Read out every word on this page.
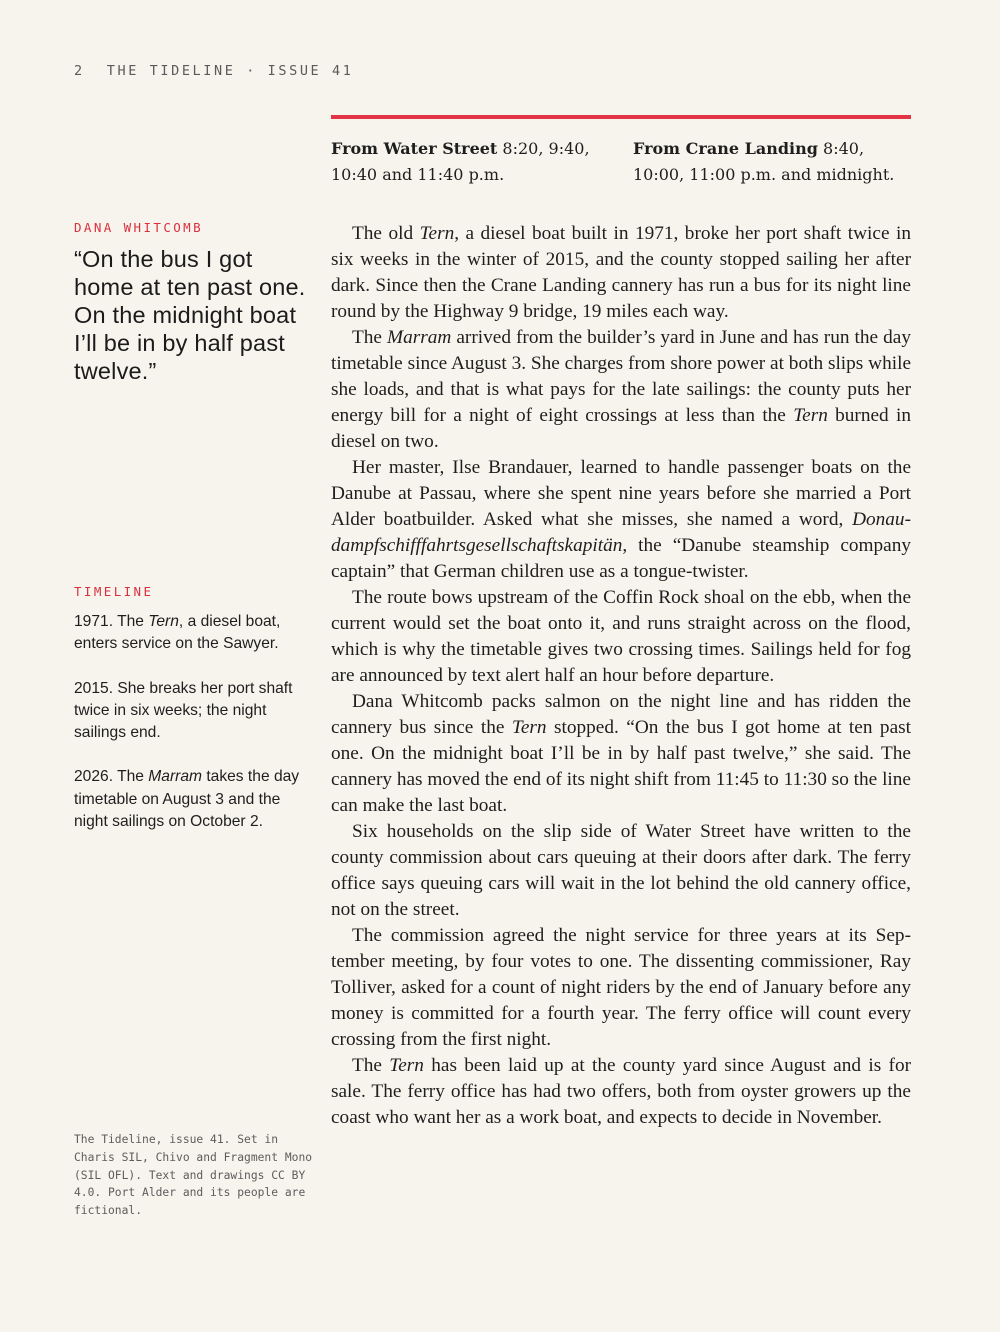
2 THE TIDELINE · ISSUE 41
From Water Street 8:20, 9:40, 10:40 and 11:40 p.m.
From Crane Landing 8:40, 10:00, 11:00 p.m. and midnight.
DANA WHITCOMB
“On the bus I got home at ten past one. On the midnight boat I’ll be in by half past twelve.”
TIMELINE
1971. The Tern, a diesel boat, enters service on the Sawyer.
2015. She breaks her port shaft twice in six weeks; the night sailings end.
2026. The Marram takes the day timetable on August 3 and the night sailings on October 2.
The Tideline, issue 41. Set in Charis SIL, Chivo and Fragment Mono (SIL OFL). Text and drawings CC BY 4.0. Port Alder and its people are fictional.

The old Tern, a diesel boat built in 1971, broke her port shaft twice in six weeks in the winter of 2015, and the county stopped sailing her after dark. Since then the Crane Landing cannery has run a bus for its night line round by the Highway 9 bridge, 19 miles each way.

The Marram arrived from the builder’s yard in June and has run the day timetable since August 3. She charges from shore power at both slips while she loads, and that is what pays for the late sailings: the county puts her energy bill for a night of eight crossings at less than the Tern burned in diesel on two.

Her master, Ilse Brandauer, learned to handle passenger boats on the Danube at Passau, where she spent nine years before she married a Port Alder boatbuilder. Asked what she misses, she named a word, Donaudampfschifffahrtsgesellschaftskapitän, the “Danube steamship company captain” that German children use as a tongue-twister.

The route bows upstream of the Coffin Rock shoal on the ebb, when the current would set the boat onto it, and runs straight across on the flood, which is why the timetable gives two crossing times. Sailings held for fog are announced by text alert half an hour before departure.

Dana Whitcomb packs salmon on the night line and has ridden the cannery bus since the Tern stopped. “On the bus I got home at ten past one. On the midnight boat I’ll be in by half past twelve,” she said. The cannery has moved the end of its night shift from 11:45 to 11:30 so the line can make the last boat.

Six households on the slip side of Water Street have written to the county commission about cars queuing at their doors after dark. The ferry office says queuing cars will wait in the lot behind the old cannery office, not on the street.

The commission agreed the night service for three years at its September meeting, by four votes to one. The dissenting commissioner, Ray Tolliver, asked for a count of night riders by the end of January before any money is committed for a fourth year. The ferry office will count every crossing from the first night.

The Tern has been laid up at the county yard since August and is for sale. The ferry office has had two offers, both from oyster growers up the coast who want her as a work boat, and expects to decide in November.
